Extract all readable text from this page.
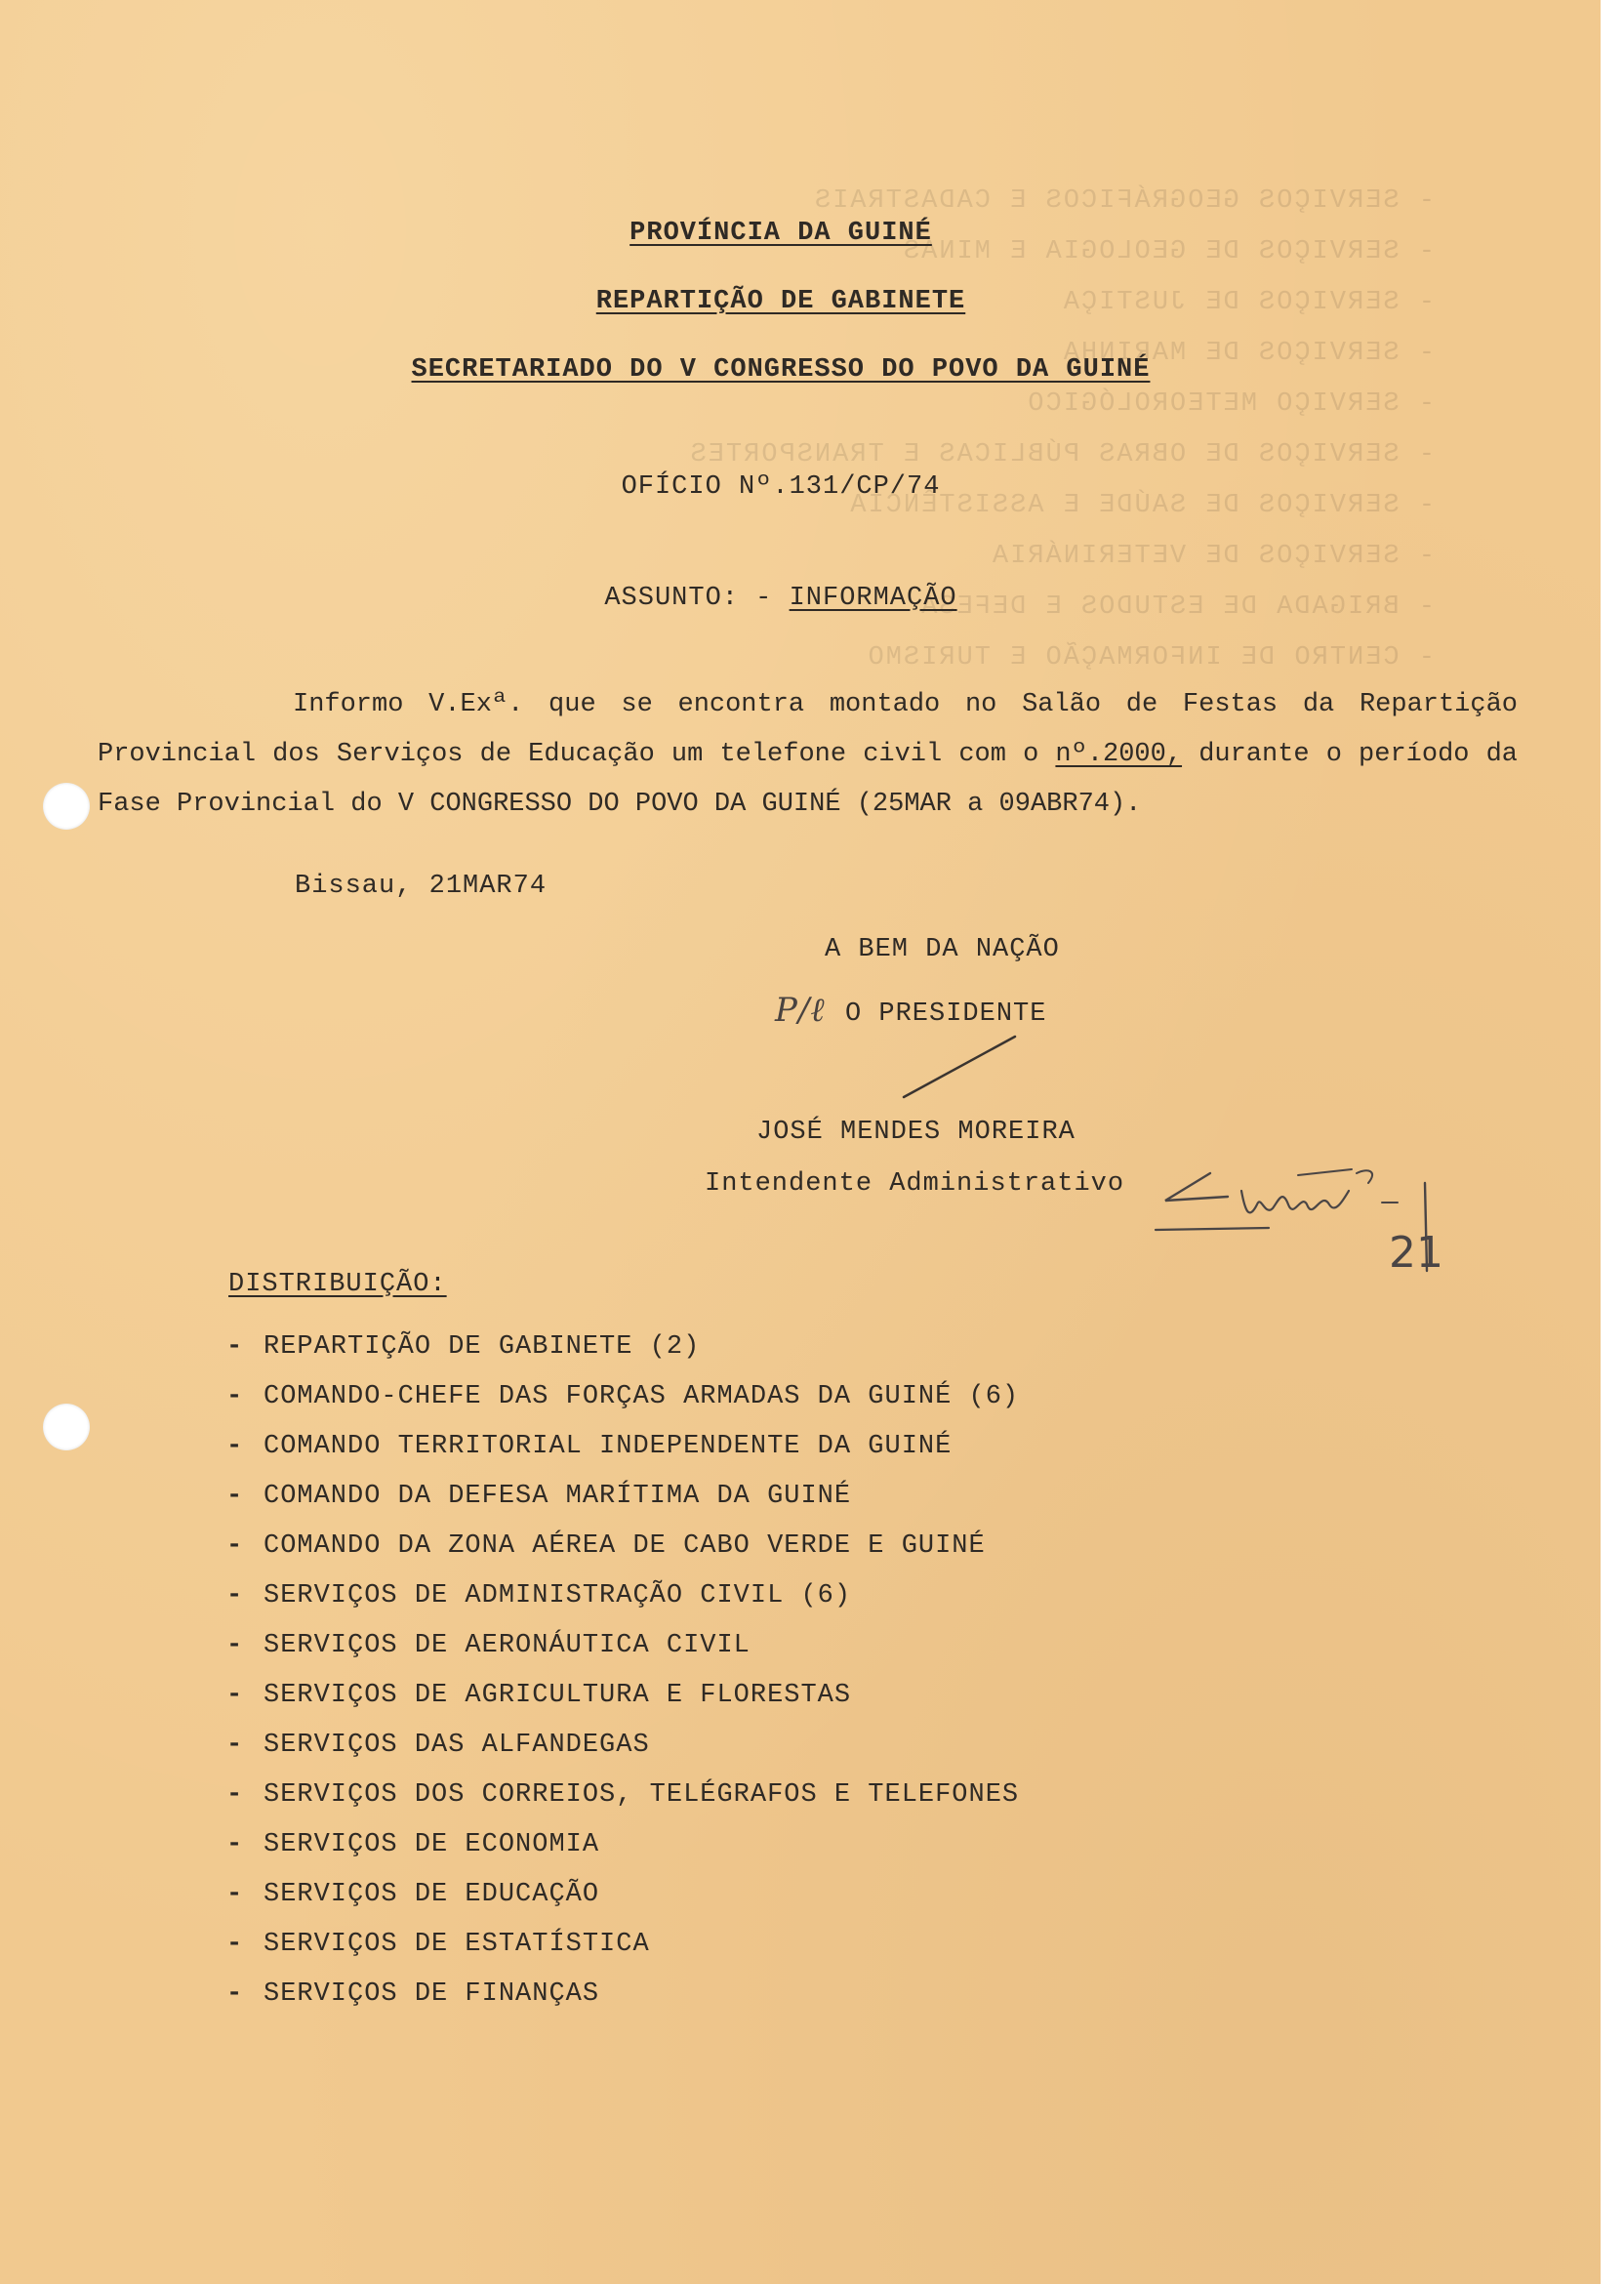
- SERVIÇOS GEOGRÁFICOS E CADASTRAIS
- SERVIÇOS DE GEOLOGIA E MINAS
- SERVIÇOS DE JUSTIÇA
- SERVIÇOS DE MARINHA
- SERVIÇO METEOROLÓGICO
- SERVIÇOS DE OBRAS PÚBLICAS E TRANSPORTES
- SERVIÇOS DE SAÚDE E ASSISTÊNCIA
- SERVIÇOS DE VETERINÁRIA
- BRIGADA DE ESTUDOS E DEFESA
- CENTRO DE INFORMAÇÃO E TURISMO
PROVÍNCIA DA GUINÉ
REPARTIÇÃO DE GABINETE
SECRETARIADO DO V CONGRESSO DO POVO DA GUINÉ
OFÍCIO Nº.131/CP/74
ASSUNTO: - INFORMAÇÃO
Informo V.Exª. que se encontra montado no Salão de Festas da Repartição Provincial dos Serviços de Educação um telefone civil com o nº.2000, durante o período da Fase Provincial do V CONGRESSO DO POVO DA GUINÉ (25MAR a 09ABR74).
Bissau, 21MAR74
A BEM DA NAÇÃO
P/ℓ O PRESIDENTE
JOSÉ MENDES MOREIRA
Intendente Administrativo
21
DISTRIBUIÇÃO:
- REPARTIÇÃO DE GABINETE (2)
- COMANDO-CHEFE DAS FORÇAS ARMADAS DA GUINÉ (6)
- COMANDO TERRITORIAL INDEPENDENTE DA GUINÉ
- COMANDO DA DEFESA MARÍTIMA DA GUINÉ
- COMANDO DA ZONA AÉREA DE CABO VERDE E GUINÉ
- SERVIÇOS DE ADMINISTRAÇÃO CIVIL (6)
- SERVIÇOS DE AERONÁUTICA CIVIL
- SERVIÇOS DE AGRICULTURA E FLORESTAS
- SERVIÇOS DAS ALFANDEGAS
- SERVIÇOS DOS CORREIOS, TELÉGRAFOS E TELEFONES
- SERVIÇOS DE ECONOMIA
- SERVIÇOS DE EDUCAÇÃO
- SERVIÇOS DE ESTATÍSTICA
- SERVIÇOS DE FINANÇAS
